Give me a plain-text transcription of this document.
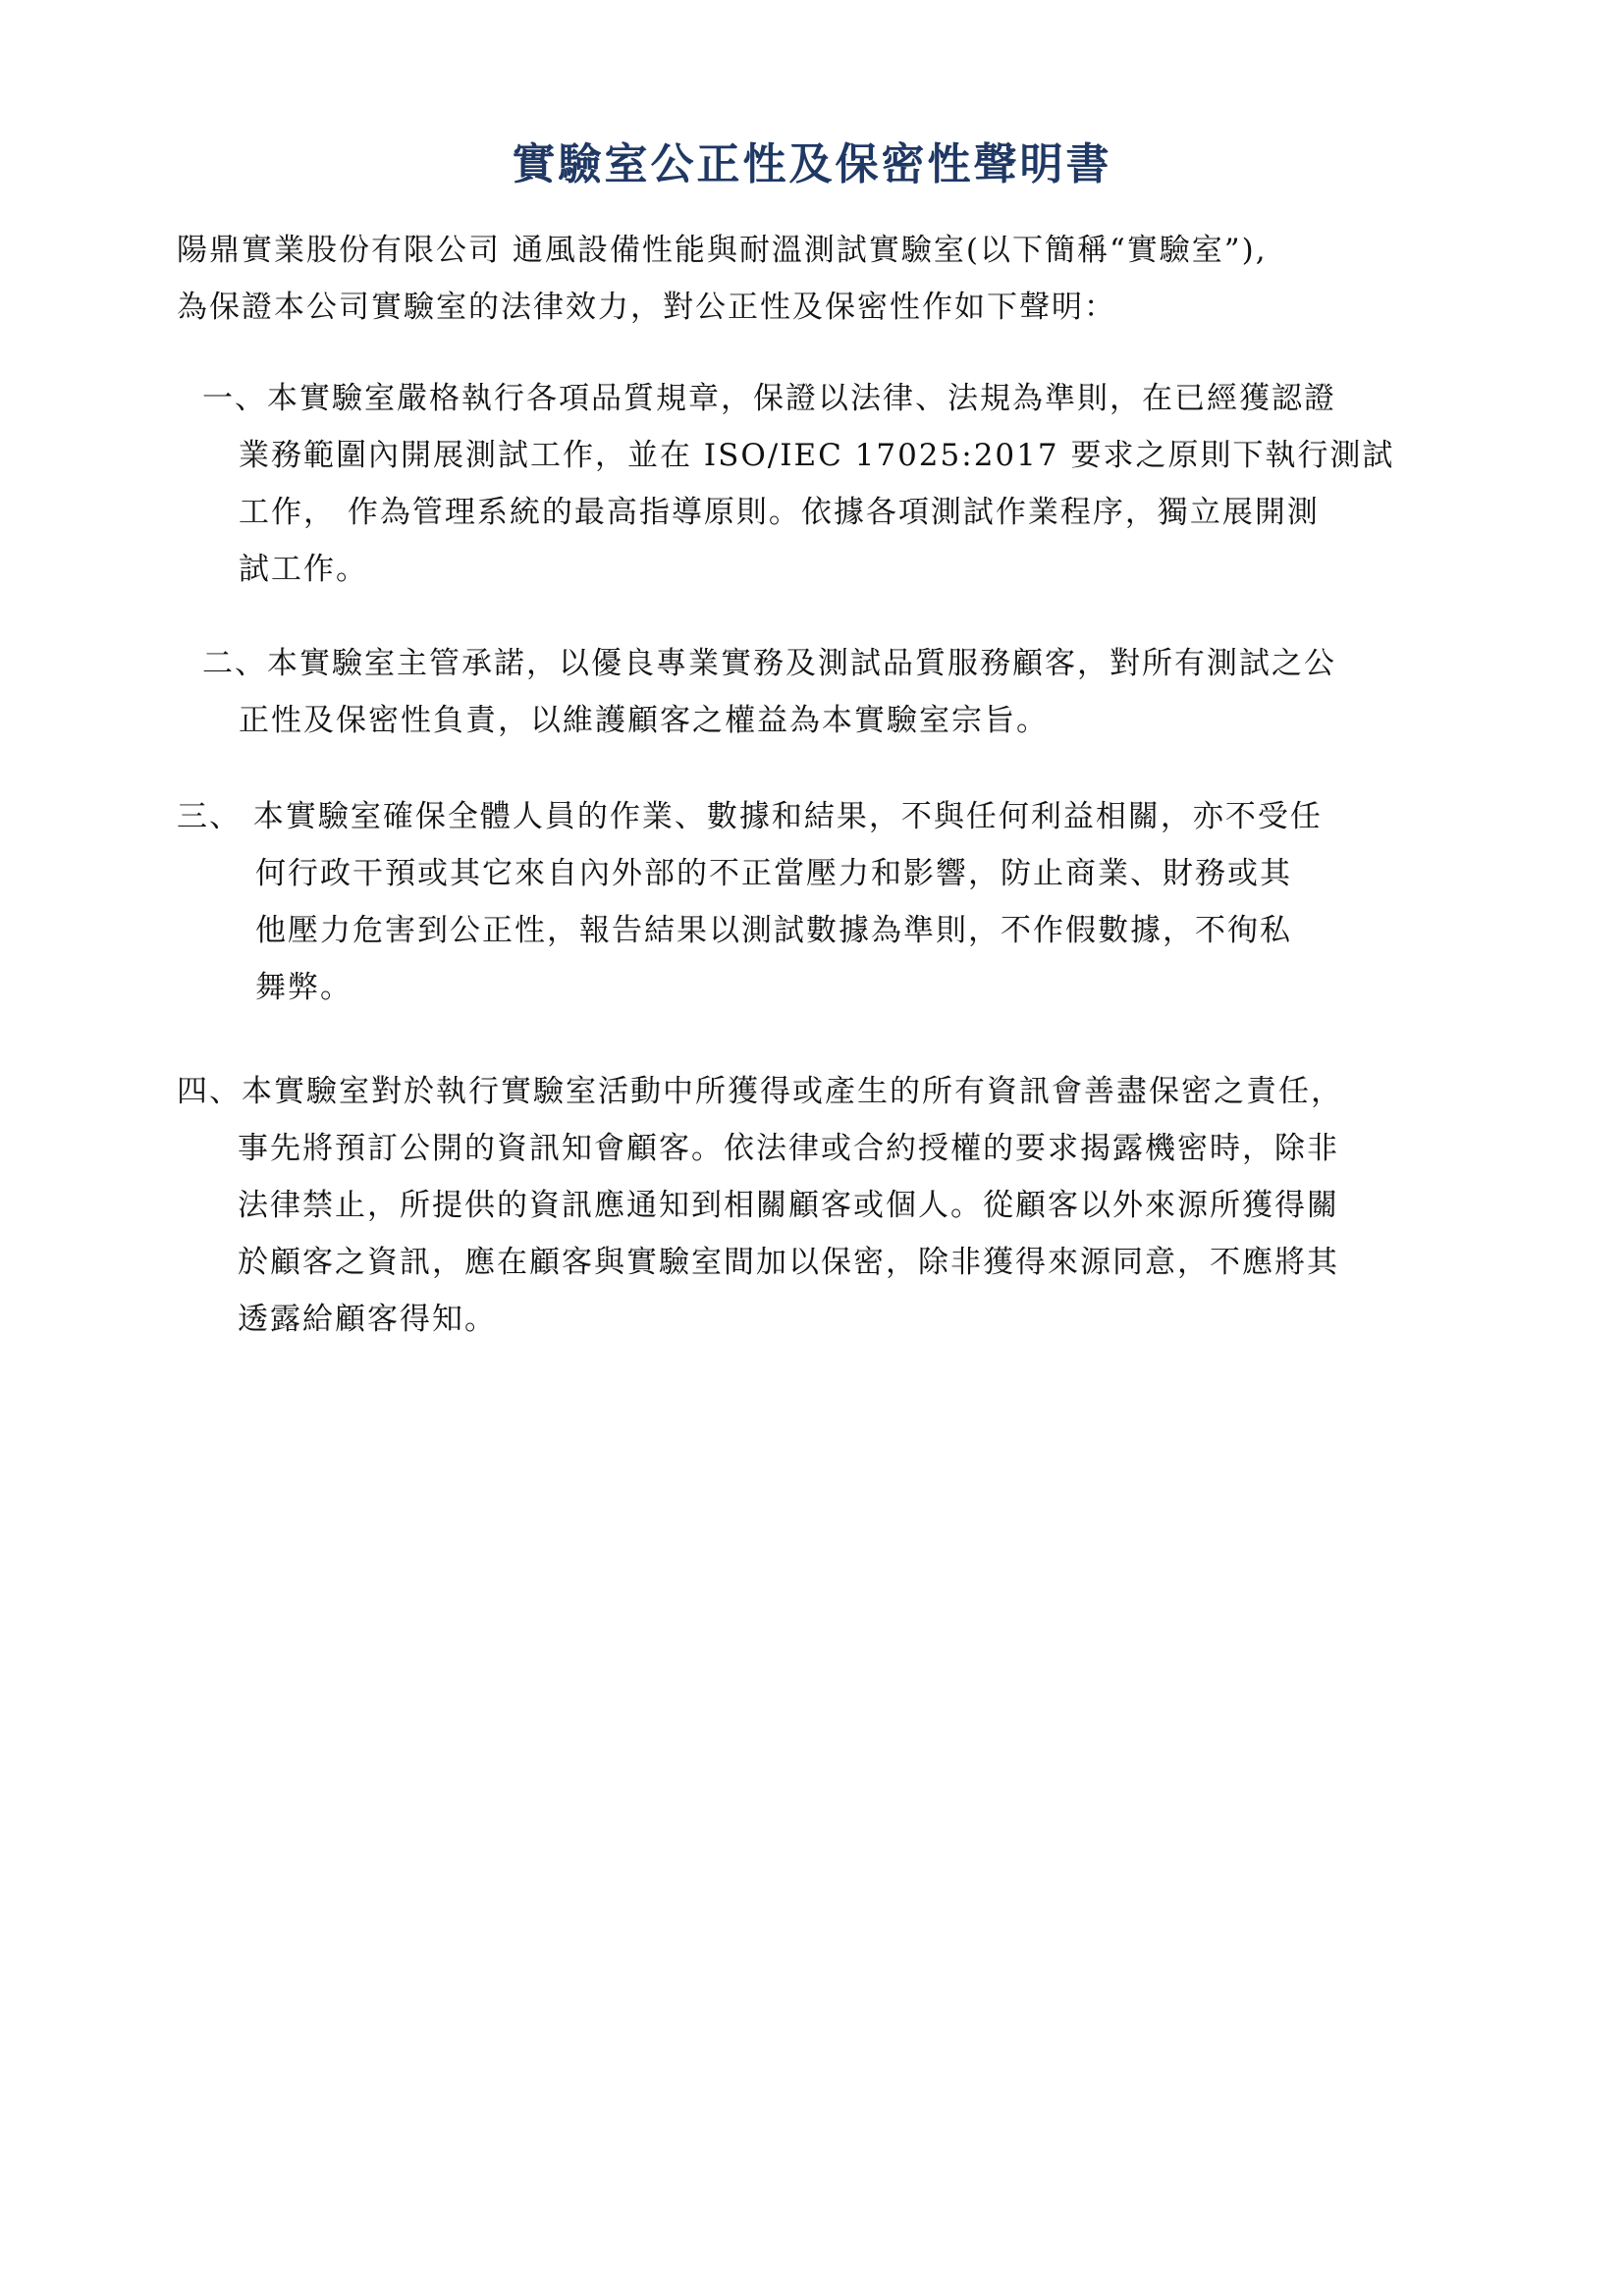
實驗室公正性及保密性聲明書
陽鼎實業股份有限公司 通風設備性能與耐溫測試實驗室(以下簡稱“實驗室”),
為保證本公司實驗室的法律效力，對公正性及保密性作如下聲明：
一、本實驗室嚴格執行各項品質規章，保證以法律、法規為準則，在已經獲認證
業務範圍內開展測試工作，並在 ISO/IEC 17025:2017 要求之原則下執行測試
工作， 作為管理系統的最高指導原則。依據各項測試作業程序，獨立展開測
試工作。
二、本實驗室主管承諾，以優良專業實務及測試品質服務顧客，對所有測試之公
正性及保密性負責，以維護顧客之權益為本實驗室宗旨。
三、 本實驗室確保全體人員的作業、數據和結果，不與任何利益相關，亦不受任
何行政干預或其它來自內外部的不正當壓力和影響，防止商業、財務或其
他壓力危害到公正性，報告結果以測試數據為準則，不作假數據，不徇私
舞弊。
四、本實驗室對於執行實驗室活動中所獲得或產生的所有資訊會善盡保密之責任，
事先將預訂公開的資訊知會顧客。依法律或合約授權的要求揭露機密時，除非
法律禁止，所提供的資訊應通知到相關顧客或個人。從顧客以外來源所獲得關
於顧客之資訊，應在顧客與實驗室間加以保密，除非獲得來源同意，不應將其
透露給顧客得知。
